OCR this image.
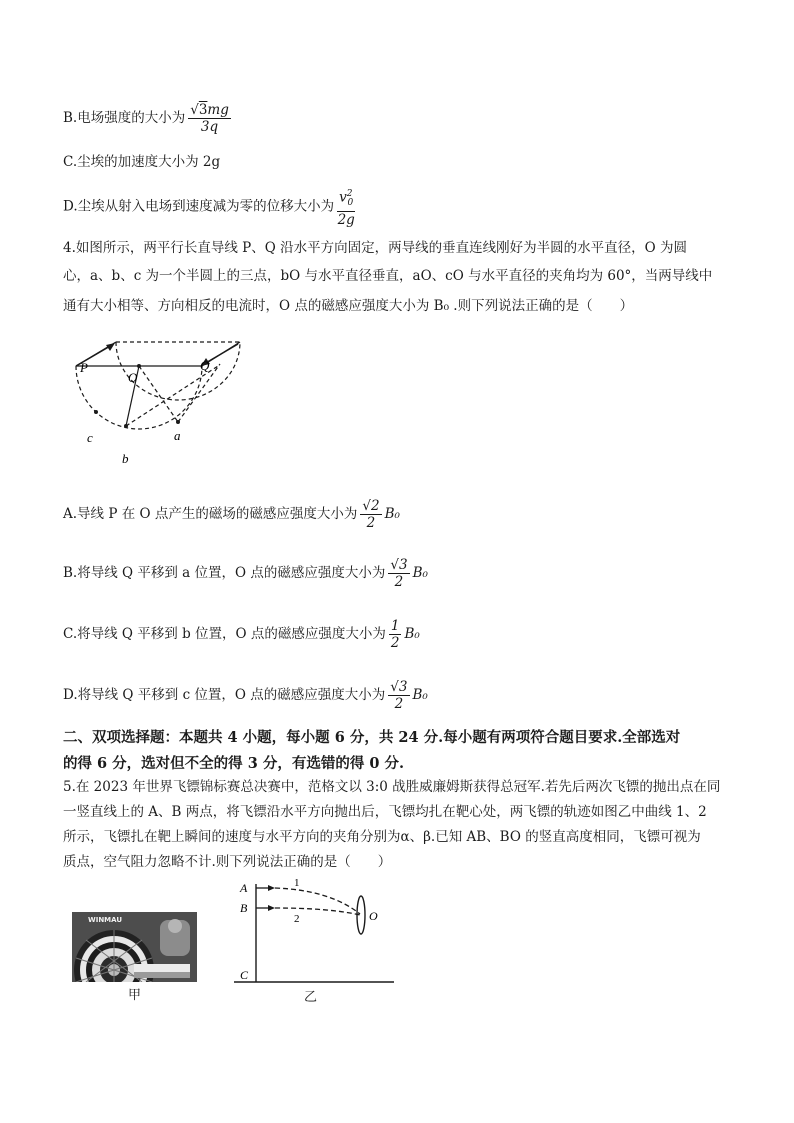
B.电场强度的大小为 $\frac{√3mg}{3q}$
C.尘埃的加速度大小为 2g
D.尘埃从射入电场到速度减为零的位移大小为 $\frac{v^2_0}{2g}$
4.如图所示，两平行长直导线 P、Q 沿水平方向固定，两导线的垂直连线刚好为半圆的水平直径，O 为圆
心，a、b、c 为一个半圆上的三点，bO 与水平直径垂直，aO、cO 与水平直径的夹角均为 60°，当两导线中
通有大小相等、方向相反的电流时，O 点的磁感应强度大小为 B₀ .则下列说法正确的是（　　）
P	Q
O
a
b
c
A.导线 P 在 O 点产生的磁场的磁感应强度大小为 $\frac{√2}{2} B_0$
B.将导线 Q 平移到 a 位置，O 点的磁感应强度大小为 $\frac{√3}{2} B_0$
C.将导线 Q 平移到 b 位置，O 点的磁感应强度大小为 $\frac{1}{2} B_0$
D.将导线 Q 平移到 c 位置，O 点的磁感应强度大小为 $\frac{√3}{2} B_0$
二、双项选择题：本题共 4 小题，每小题 6 分，共 24 分.每小题有两项符合题目要求.全部选对
的得 6 分，选对但不全的得 3 分，有选错的得 0 分.
5.在 2023 年世界飞镖锦标赛总决赛中，范格文以 3:0 战胜威廉姆斯获得总冠军.若先后两次飞镖的抛出点在同
一竖直线上的 A、B 两点，将飞镖沿水平方向抛出后，飞镖均扎在靶心处，两飞镖的轨迹如图乙中曲线 1、2
所示，飞镖扎在靶上瞬间的速度与水平方向的夹角分别为α、β.已知 AB、BO 的竖直高度相同，飞镖可视为
质点，空气阻力忽略不计.则下列说法正确的是（　　）
WINMAU
甲
A
B
C
O
1
2
乙
